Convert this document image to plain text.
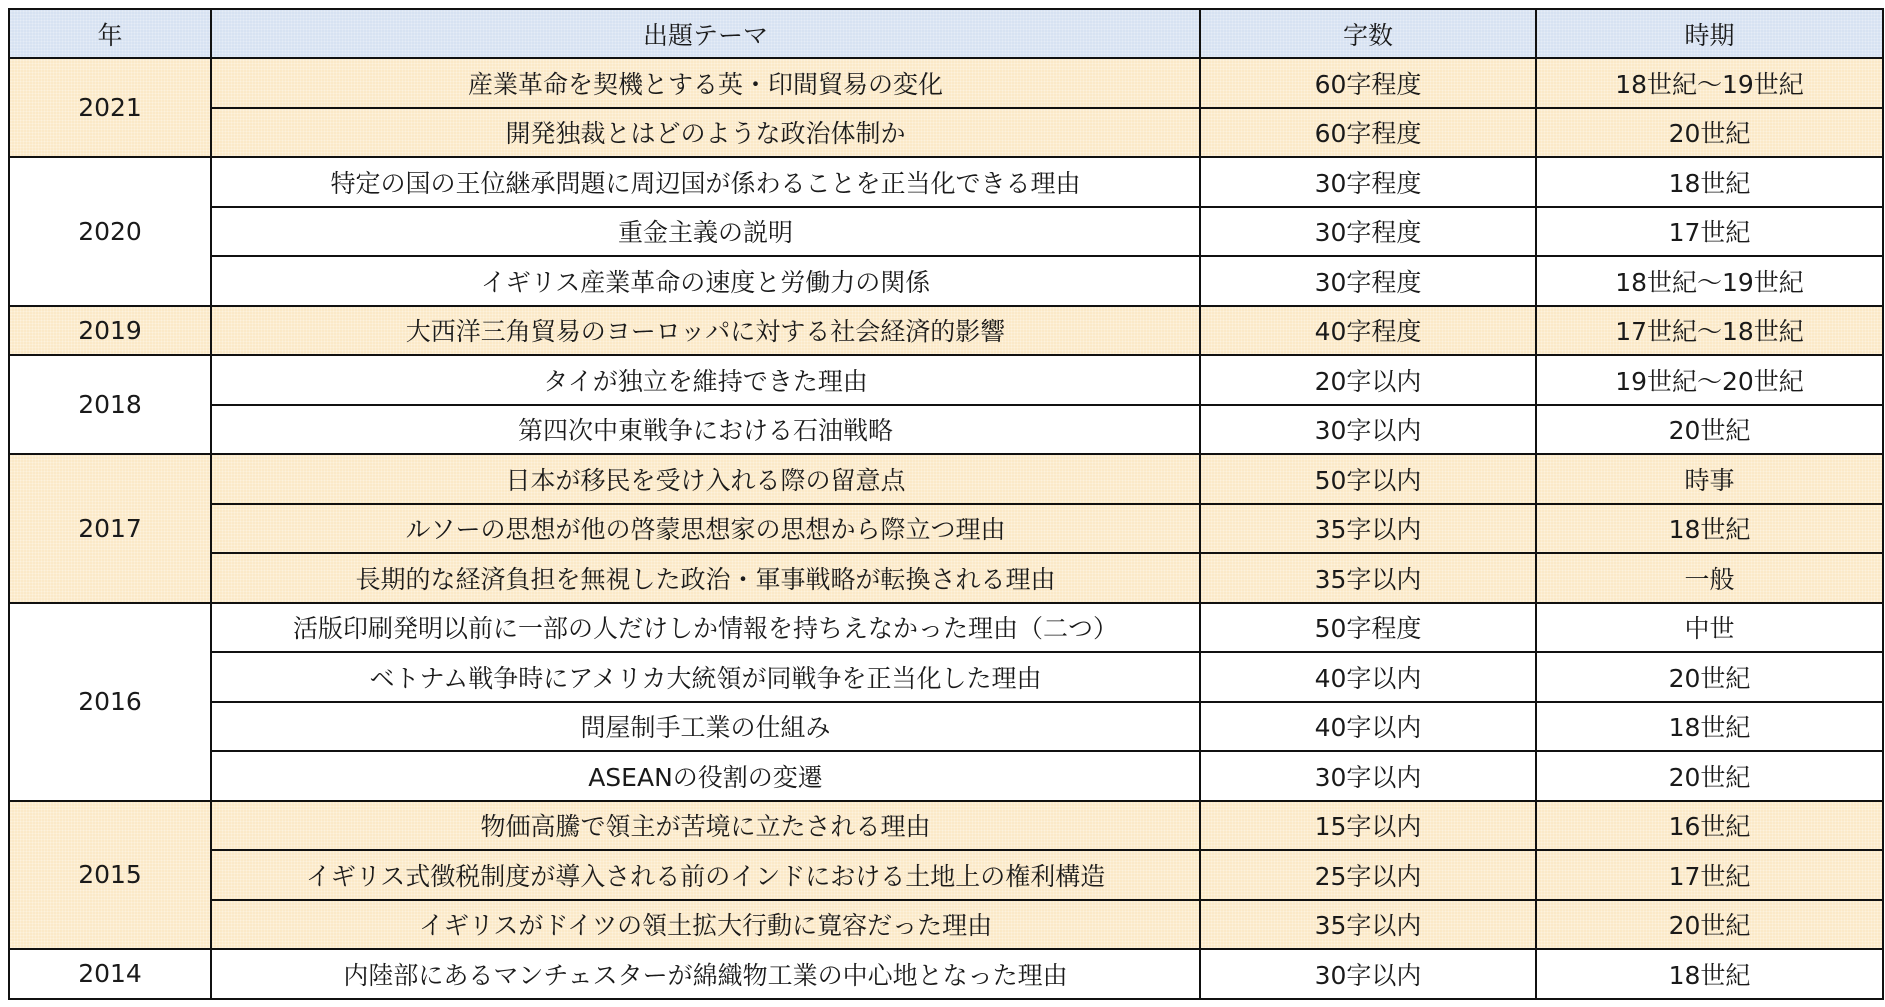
年	出題テーマ	字数	時期
2021	産業革命を契機とする英・印間貿易の変化	60字程度	18世紀～19世紀
	開発独裁とはどのような政治体制か	60字程度	20世紀
2020	特定の国の王位継承問題に周辺国が係わることを正当化できる理由	30字程度	18世紀
	重金主義の説明	30字程度	17世紀
	イギリス産業革命の速度と労働力の関係	30字程度	18世紀～19世紀
2019	大西洋三角貿易のヨーロッパに対する社会経済的影響	40字程度	17世紀～18世紀
2018	タイが独立を維持できた理由	20字以内	19世紀～20世紀
	第四次中東戦争における石油戦略	30字以内	20世紀
2017	日本が移民を受け入れる際の留意点	50字以内	時事
	ルソーの思想が他の啓蒙思想家の思想から際立つ理由	35字以内	18世紀
	長期的な経済負担を無視した政治・軍事戦略が転換される理由	35字以内	一般
2016	活版印刷発明以前に一部の人だけしか情報を持ちえなかった理由（二つ）	50字程度	中世
	ベトナム戦争時にアメリカ大統領が同戦争を正当化した理由	40字以内	20世紀
	問屋制手工業の仕組み	40字以内	18世紀
	ASEANの役割の変遷	30字以内	20世紀
2015	物価高騰で領主が苦境に立たされる理由	15字以内	16世紀
	イギリス式徴税制度が導入される前のインドにおける土地上の権利構造	25字以内	17世紀
	イギリスがドイツの領土拡大行動に寛容だった理由	35字以内	20世紀
2014	内陸部にあるマンチェスターが綿織物工業の中心地となった理由	30字以内	18世紀
